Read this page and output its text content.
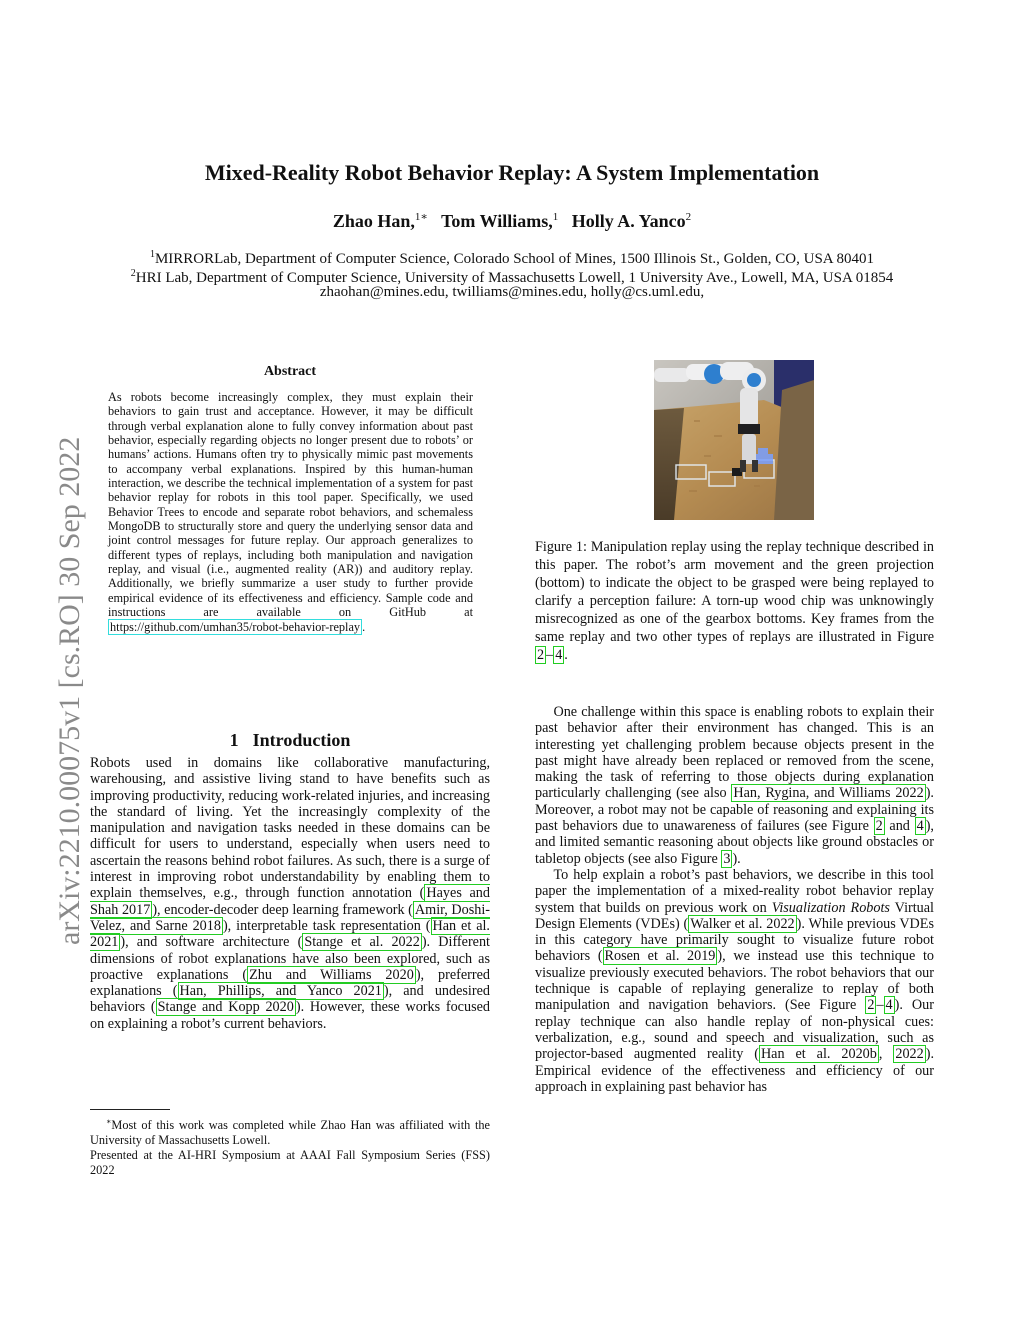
arXiv:2210.00075v1 [cs.RO] 30 Sep 2022
Mixed-Reality Robot Behavior Replay: A System Implementation
Zhao Han,$^{1∗}$ Tom Williams,$^1$ Holly A. Yanco$^2$
$^1$MIRRORLab, Department of Computer Science, Colorado School of Mines, 1500 Illinois St., Golden, CO, USA 80401
$^2$HRI Lab, Department of Computer Science, University of Massachusetts Lowell, 1 University Ave., Lowell, MA, USA 01854
zhaohan@mines.edu, twilliams@mines.edu, holly@cs.uml.edu,
Abstract
As robots become increasingly complex, they must explain their behaviors to gain trust and acceptance. However, it may be difficult through verbal explanation alone to fully convey information about past behavior, especially regarding objects no longer present due to robots’ or humans’ actions. Humans often try to physically mimic past movements to accompany verbal explanations. Inspired by this human-human interaction, we describe the technical implementation of a system for past behavior replay for robots in this tool paper. Specifically, we used Behavior Trees to encode and separate robot behaviors, and schemaless MongoDB to structurally store and query the underlying sensor data and joint control messages for future replay. Our approach generalizes to different types of replays, including both manipulation and navigation replay, and visual (i.e., augmented reality (AR)) and auditory replay. Additionally, we briefly summarize a user study to further provide empirical evidence of its effectiveness and efficiency. Sample code and instructions are available on GitHub at https://github.com/umhan35/robot-behavior-replay .
1 Introduction
Robots used in domains like collaborative manufacturing, warehousing, and assistive living stand to have benefits such as improving productivity, reducing work-related injuries, and increasing the standard of living. Yet the increasingly complexity of the manipulation and navigation tasks needed in these domains can be difficult for users to understand, especially when users need to ascertain the reasons behind robot failures. As such, there is a surge of interest in improving robot understandability by enabling them to explain themselves, e.g., through function annotation ( Hayes and Shah 2017 ), encoder-decoder deep learning framework ( Amir, Doshi-Velez, and Sarne 2018 ), interpretable task representation ( Han et al. 2021 ), and software architecture ( Stange et al. 2022 ). Different dimensions of robot explanations have also been explored, such as proactive explanations ( Zhu and Williams 2020 ), preferred explanations ( Han, Phillips, and Yanco 2021 ), and undesired behaviors ( Stange and Kopp 2020 ). However, these works focused on explaining a robot’s current behaviors.

∗Most of this work was completed while Zhao Han was affiliated with the University of Massachusetts Lowell.

Presented at the AI-HRI Symposium at AAAI Fall Symposium Series (FSS) 2022

Figure 1: Manipulation replay using the replay technique described in this paper. The robot’s arm movement and the green projection (bottom) to indicate the object to be grasped were being replayed to clarify a perception failure: A torn-up wood chip was unknowingly misrecognized as one of the gearbox bottoms. Key frames from the same replay and two other types of replays are illustrated in Figure 2 – 4 .

One challenge within this space is enabling robots to explain their past behavior after their environment has changed. This is an interesting yet challenging problem because objects present in the past might have already been replaced or removed from the scene, making the task of referring to those objects during explanation particularly challenging (see also Han, Rygina, and Williams 2022 ). Moreover, a robot may not be capable of reasoning and explaining its past behaviors due to unawareness of failures (see Figure 2 and 4 ), and limited semantic reasoning about objects like ground obstacles or tabletop objects (see also Figure 3 ).

To help explain a robot’s past behaviors, we describe in this tool paper the implementation of a mixed-reality robot behavior replay system that builds on previous work on Visualization Robots Virtual Design Elements (VDEs) ( Walker et al. 2022 ). While previous VDEs in this category have primarily sought to visualize future robot behaviors ( Rosen et al. 2019 ), we instead use this technique to visualize previously executed behaviors. The robot behaviors that our technique is capable of replaying generalize to replay of both manipulation and navigation behaviors. (See Figure 2 – 4 ). Our replay technique can also handle replay of non-physical cues: verbalization, e.g., sound and speech and visualization, such as projector-based augmented reality ( Han et al. 2020b , 2022 ). Empirical evidence of the effectiveness and efficiency of our approach in explaining past behavior has
